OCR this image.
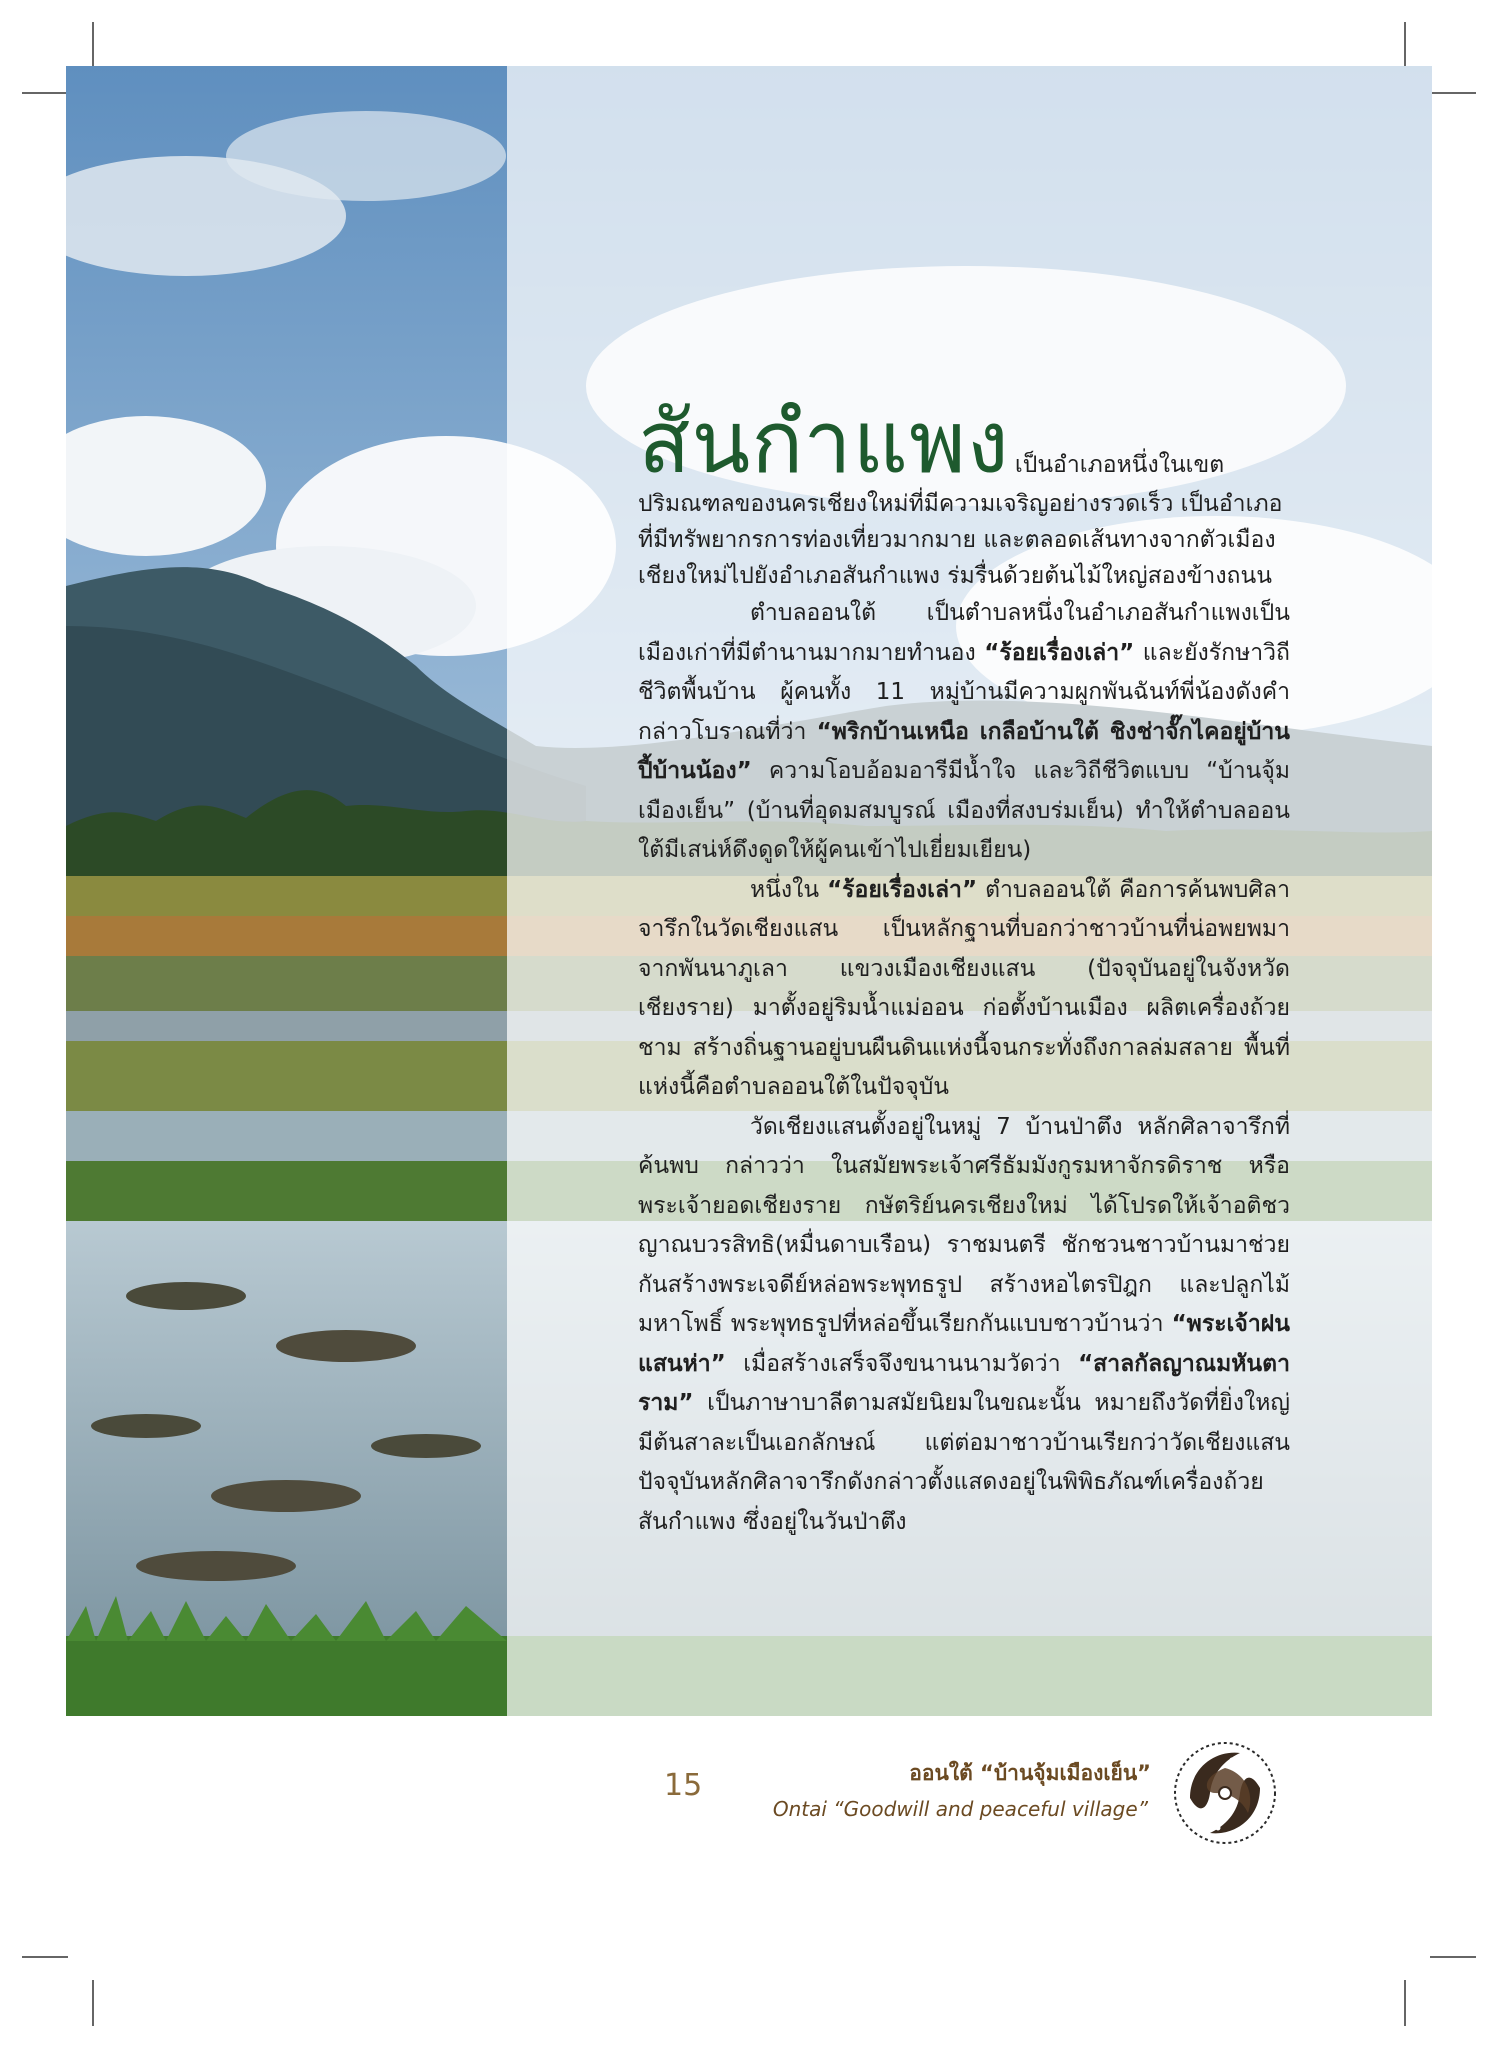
สันกำแพง เป็นอำเภอหนึ่งในเขตปริมณฑลของนครเชียงใหม่ที่มีความเจริญอย่างรวดเร็ว เป็นอำเภอที่มีทรัพยากรการท่องเที่ยวมากมาย และตลอดเส้นทางจากตัวเมืองเชียงใหม่ไปยังอำเภอสันกำแพง ร่มรื่นด้วยต้นไม้ใหญ่สองข้างถนน

ตำบลออนใต้ เป็นตำบลหนึ่งในอำเภอสันกำแพงเป็นเมืองเก่าที่มีตำนานมากมายทำนอง “ร้อยเรื่องเล่า” และยังรักษาวิถีชีวิตพื้นบ้าน ผู้คนทั้ง 11 หมู่บ้านมีความผูกพันฉันท์พี่น้องดังคำกล่าวโบราณที่ว่า “พริกบ้านเหนือ เกลือบ้านใต้ ชิงช่าจั๊กไคอยู่บ้านปี้บ้านน้อง” ความโอบอ้อมอารีมีน้ำใจ และวิถีชีวิตแบบ “บ้านจุ้มเมืองเย็น” (บ้านที่อุดมสมบูรณ์ เมืองที่สงบร่มเย็น) ทำให้ตำบลออนใต้มีเสน่ห์ดึงดูดให้ผู้คนเข้าไปเยี่ยมเยียน)

หนึ่งใน “ร้อยเรื่องเล่า” ตำบลออนใต้ คือการค้นพบศิลาจารึกในวัดเชียงแสน เป็นหลักฐานที่บอกว่าชาวบ้านที่น่อพยพมาจากพันนาภูเลา แขวงเมืองเชียงแสน (ปัจจุบันอยู่ในจังหวัดเชียงราย) มาตั้งอยู่ริมน้ำแม่ออน ก่อตั้งบ้านเมือง ผลิตเครื่องถ้วยชาม สร้างถิ่นฐานอยู่บนผืนดินแห่งนี้จนกระทั่งถึงกาลล่มสลาย พื้นที่แห่งนี้คือตำบลออนใต้ในปัจจุบัน

วัดเชียงแสนตั้งอยู่ในหมู่ 7 บ้านป่าตึง หลักศิลาจารึกที่ค้นพบ กล่าวว่า ในสมัยพระเจ้าศรีธัมมังกูรมหาจักรดิราช หรือพระเจ้ายอดเชียงราย กษัตริย์นครเชียงใหม่ ได้โปรดให้เจ้าอติชวญาณบวรสิทธิ(หมื่นดาบเรือน) ราชมนตรี ชักชวนชาวบ้านมาช่วยกันสร้างพระเจดีย์หล่อพระพุทธรูป สร้างหอไตรปิฎก และปลูกไม้มหาโพธิ์ พระพุทธรูปที่หล่อขึ้นเรียกกันแบบชาวบ้านว่า “พระเจ้าฝนแสนห่า” เมื่อสร้างเสร็จจึงขนานนามวัดว่า “สาลกัลญาณมหันตาราม” เป็นภาษาบาลีตามสมัยนิยมในขณะนั้น หมายถึงวัดที่ยิ่งใหญ่มีต้นสาละเป็นเอกลักษณ์ แต่ต่อมาชาวบ้านเรียกว่าวัดเชียงแสน ปัจจุบันหลักศิลาจารึกดังกล่าวตั้งแสดงอยู่ในพิพิธภัณฑ์เครื่องถ้วยสันกำแพง ซึ่งอยู่ในวันป่าตึง

15	ออนใต้ “บ้านจุ้มเมืองเย็น”
Ontai “Goodwill and peaceful village”
